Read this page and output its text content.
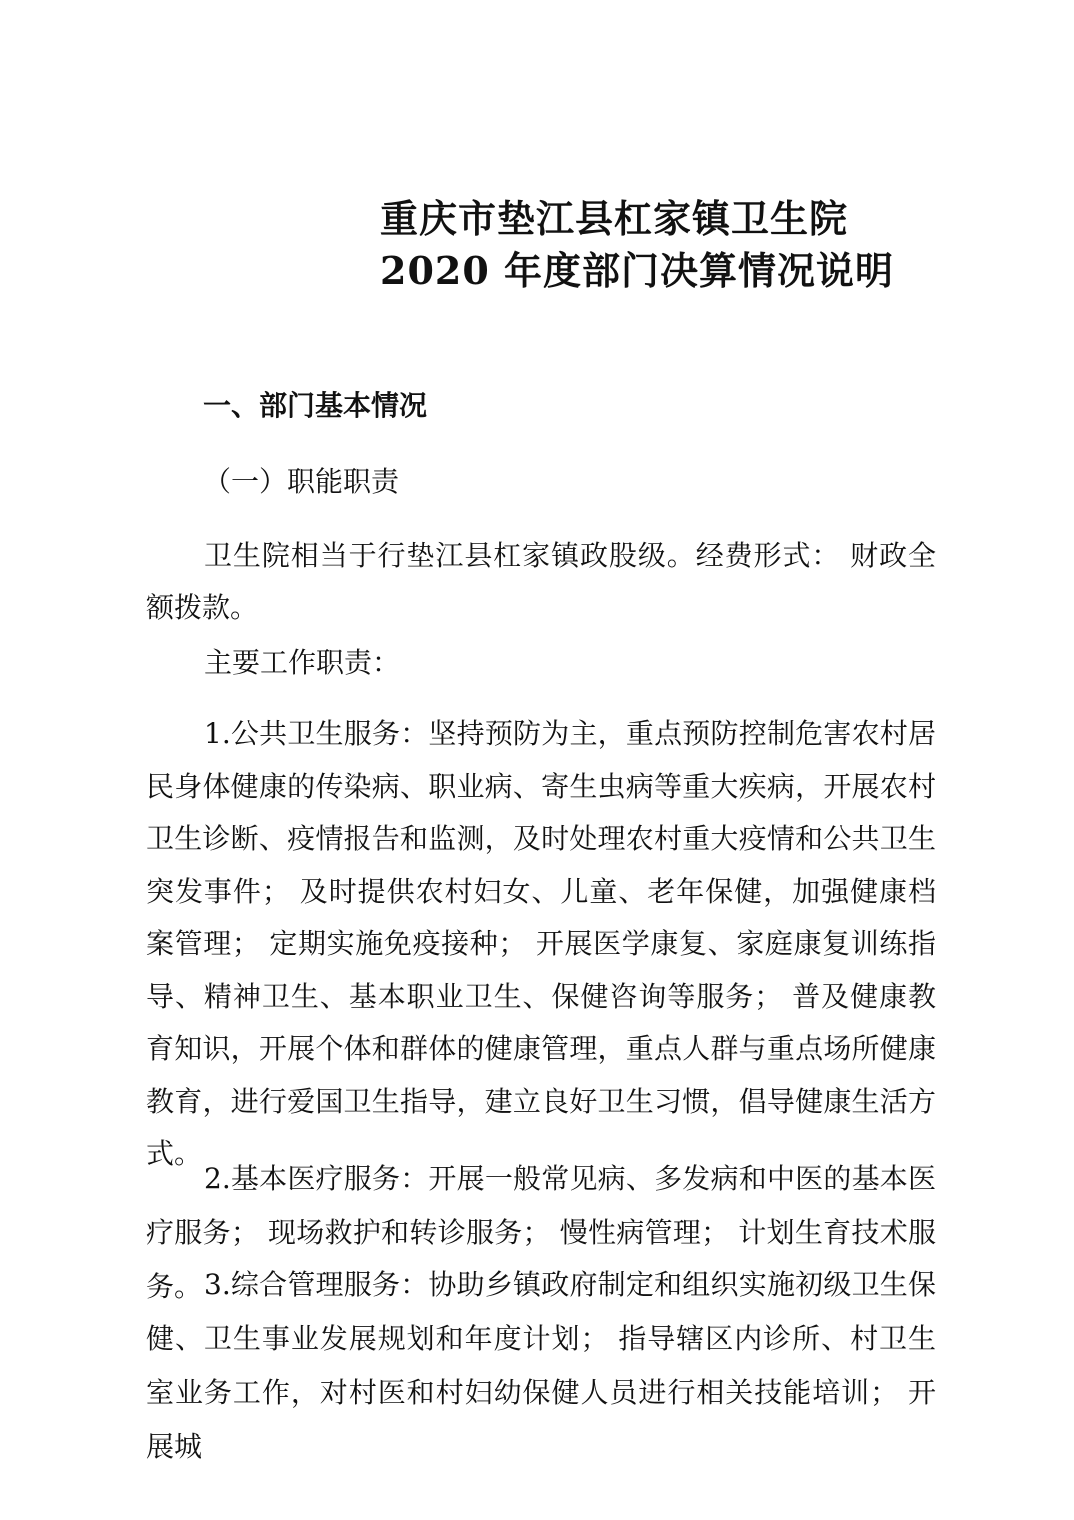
重庆市垫江县杠家镇卫生院
2020 年度部门决算情况说明
一、部门基本情况
（一）职能职责
卫生院相当于行垫江县杠家镇政股级。经费形式： 财政全额拨款。
主要工作职责：
1.公共卫生服务：坚持预防为主，重点预防控制危害农村居民身体健康的传染病、职业病、寄生虫病等重大疾病，开展农村卫生诊断、疫情报告和监测，及时处理农村重大疫情和公共卫生突发事件； 及时提供农村妇女、儿童、老年保健，加强健康档案管理； 定期实施免疫接种； 开展医学康复、家庭康复训练指导、精神卫生、基本职业卫生、保健咨询等服务； 普及健康教育知识，开展个体和群体的健康管理，重点人群与重点场所健康教育，进行爱国卫生指导，建立良好卫生习惯，倡导健康生活方式。
2.基本医疗服务：开展一般常见病、多发病和中医的基本医疗服务； 现场救护和转诊服务； 慢性病管理； 计划生育技术服务。 3.综合管理服务：协助乡镇政府制定和组织实施初级卫生保健、卫生事业发展规划和年度计划； 指导辖区内诊所、村卫生室业务工作，对村医和村妇幼保健人员进行相关技能培训； 开展城
